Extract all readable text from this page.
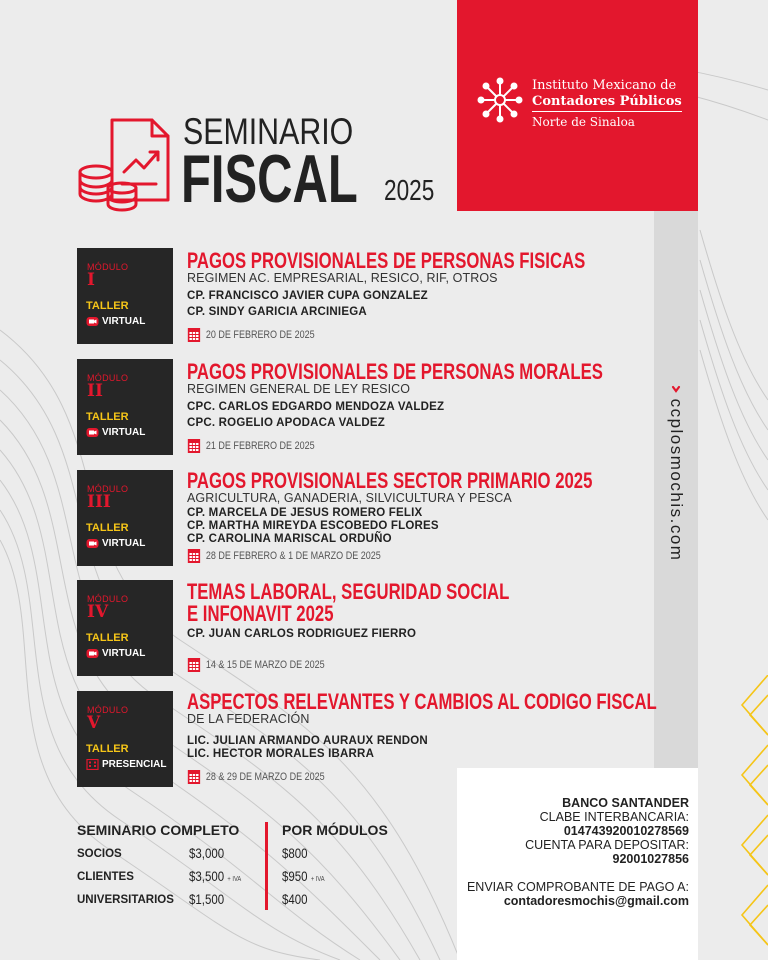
Instituto Mexicano de
Contadores Públicos
Norte de Sinaloa
ccplosmochis.com
SEMINARIO
FISCAL 2025
MÓDULO
I
TALLER
VIRTUAL
PAGOS PROVISIONALES DE PERSONAS FISICAS
REGIMEN AC. EMPRESARIAL, RESICO, RIF, OTROS
CP. FRANCISCO JAVIER CUPA GONZALEZ
CP. SINDY GARICIA ARCINIEGA
20 DE FEBRERO DE 2025
MÓDULO
II
TALLER
VIRTUAL
PAGOS PROVISIONALES DE PERSONAS MORALES
REGIMEN GENERAL DE LEY RESICO
CPC. CARLOS EDGARDO MENDOZA VALDEZ
CPC. ROGELIO APODACA VALDEZ
21 DE FEBRERO DE 2025
MÓDULO
III
TALLER
VIRTUAL
PAGOS PROVISIONALES SECTOR PRIMARIO 2025
AGRICULTURA, GANADERIA, SILVICULTURA Y PESCA
CP. MARCELA DE JESUS ROMERO FELIX
CP. MARTHA MIREYDA ESCOBEDO FLORES
CP. CAROLINA MARISCAL ORDUÑO
28 DE FEBRERO & 1 DE MARZO DE 2025
MÓDULO
IV
TALLER
VIRTUAL
TEMAS LABORAL, SEGURIDAD SOCIAL
E INFONAVIT 2025
CP. JUAN CARLOS RODRIGUEZ FIERRO
14 & 15 DE MARZO DE 2025
MÓDULO
V
TALLER
PRESENCIAL
ASPECTOS RELEVANTES Y CAMBIOS AL CODIGO FISCAL
DE LA FEDERACIÓN
LIC. JULIAN ARMANDO AURAUX RENDON
LIC. HECTOR MORALES IBARRA
28 & 29 DE MARZO DE 2025
SEMINARIO COMPLETO	POR MÓDULOS
SOCIOS	$3,000	$800
CLIENTES	$3,500 + IVA	$950 + IVA
UNIVERSITARIOS $1,500	$400
BANCO SANTANDER
CLABE INTERBANCARIA:
014743920010278569
CUENTA PARA DEPOSITAR:
92001027856
ENVIAR COMPROBANTE DE PAGO A:
contadoresmochis@gmail.com
